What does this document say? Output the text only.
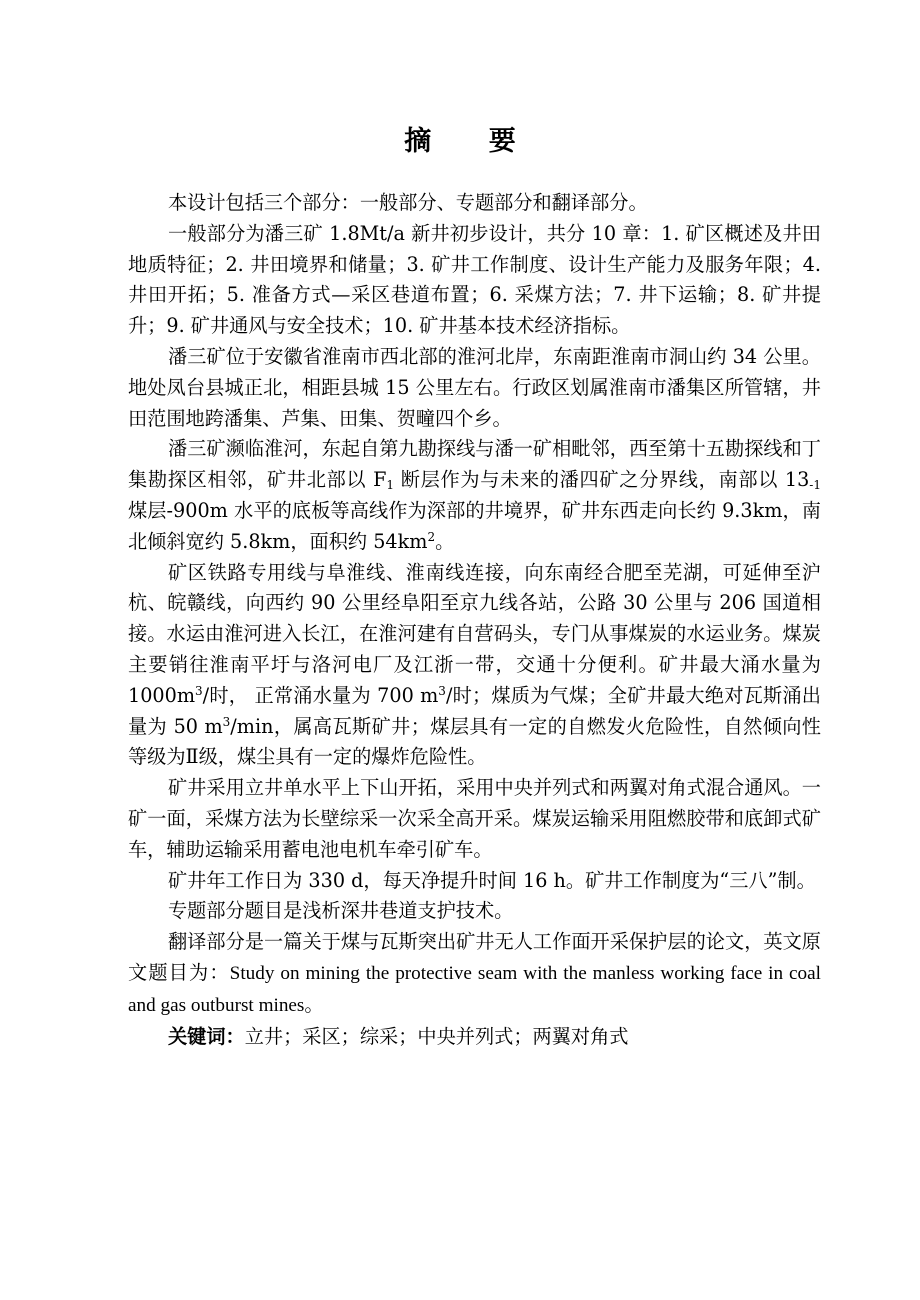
摘 要

本设计包括三个部分：一般部分、专题部分和翻译部分。

一般部分为潘三矿 1.8Mt/a 新井初步设计，共分 10 章：1. 矿区概述及井田地质特征；2. 井田境界和储量；3. 矿井工作制度、设计生产能力及服务年限；4. 井田开拓；5. 准备方式—采区巷道布置；6. 采煤方法；7. 井下运输；8. 矿井提升；9. 矿井通风与安全技术；10. 矿井基本技术经济指标。

潘三矿位于安徽省淮南市西北部的淮河北岸，东南距淮南市洞山约 34 公里。地处凤台县城正北，相距县城 15 公里左右。行政区划属淮南市潘集区所管辖，井田范围地跨潘集、芦集、田集、贺疃四个乡。

潘三矿濒临淮河，东起自第九勘探线与潘一矿相毗邻，西至第十五勘探线和丁集勘探区相邻，矿井北部以 $F_1$ 断层作为与未来的潘四矿之分界线，南部以 $13_{-1}$ 煤层-900m 水平的底板等高线作为深部的井境界，矿井东西走向长约 9.3km，南北倾斜宽约 5.8km，面积约 $54km^2$。

矿区铁路专用线与阜淮线、淮南线连接，向东南经合肥至芜湖，可延伸至沪杭、皖赣线，向西约 90 公里经阜阳至京九线各站，公路 30 公里与 206 国道相接。水运由淮河进入长江，在淮河建有自营码头，专门从事煤炭的水运业务。煤炭主要销往淮南平圩与洛河电厂及江浙一带，交通十分便利。矿井最大涌水量为 $1000m^3/$时， 正常涌水量为 700 $m^3/$时；煤质为气煤；全矿井最大绝对瓦斯涌出量为 50 $m^3/\min$，属高瓦斯矿井；煤层具有一定的自燃发火危险性，自然倾向性等级为Ⅱ级，煤尘具有一定的爆炸危险性。

矿井采用立井单水平上下山开拓，采用中央并列式和两翼对角式混合通风。一矿一面，采煤方法为长壁综采一次采全高开采。煤炭运输采用阻燃胶带和底卸式矿车，辅助运输采用蓄电池电机车牵引矿车。

矿井年工作日为 330 d，每天净提升时间 16 h。矿井工作制度为“三八”制。

专题部分题目是浅析深井巷道支护技术。

翻译部分是一篇关于煤与瓦斯突出矿井无人工作面开采保护层的论文，英文原文题目为：Study on mining the protective seam with the manless working face in coal and gas outburst mines。

关键词：立井；采区；综采；中央并列式；两翼对角式
